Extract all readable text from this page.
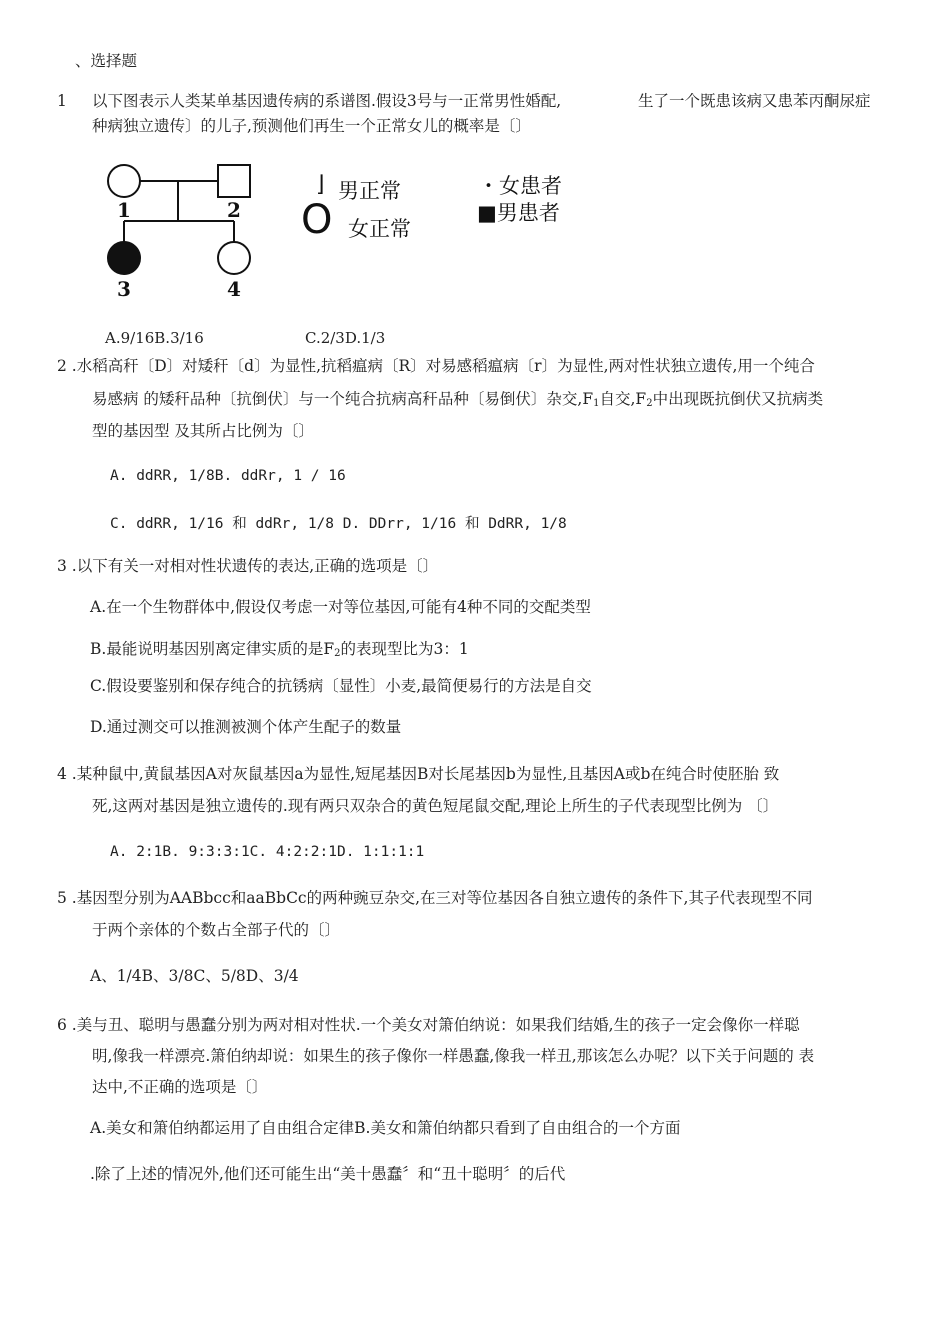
、选择题
1 以下图表示人类某单基因遗传病的系谱图.假设3号与一正常男性婚配,	生了一个既患该病又患苯丙酮尿症
种病独立遗传〕的儿子,预测他们再生一个正常女儿的概率是〔〕
1	2
3	4
⌋ 男正常
O 女正常
・女患者
■男患者
A.9/16B.3/16	C.2/3D.1/3
2 .水稻高秆〔D〕对矮秆〔d〕为显性,抗稻瘟病〔R〕对易感稻瘟病〔r〕为显性,两对性状独立遗传,用一个纯合
易感病 的矮秆品种〔抗倒伏〕与一个纯合抗病高秆品种〔易倒伏〕杂交$,F_1$自交$,F_2$中出现既抗倒伏又抗病类
型的基因型 及其所占比例为〔〕
A. ddRR, 1/8B. ddRr, 1 / 16
C. ddRR, 1/16 和 ddRr, 1/8 D. DDrr, 1/16 和 DdRR, 1/8
3 .以下有关一对相对性状遗传的表达,正确的选项是〔〕
A.在一个生物群体中,假设仅考虑一对等位基因,可能有4种不同的交配类型
B.最能说明基因别离定律实质的是$F_2$的表现型比为3：1
C.假设要鉴别和保存纯合的抗锈病〔显性〕小麦,最简便易行的方法是自交
D.通过测交可以推测被测个体产生配子的数量
4 .某种鼠中,黄鼠基因A对灰鼠基因a为显性,短尾基因B对长尾基因b为显性,且基因A或b在纯合时使胚胎 致
死,这两对基因是独立遗传的.现有两只双杂合的黄色短尾鼠交配,理论上所生的子代表现型比例为 〔〕
A. 2:1B. 9:3:3:1C. 4:2:2:1D. 1:1:1:1
5 .基因型分别为AABbcc和aaBbCc的两种豌豆杂交,在三对等位基因各自独立遗传的条件下,其子代表现型不同
于两个亲体的个数占全部子代的〔〕
A、1/4B、3/8C、5/8D、3/4
6 .美与丑、聪明与愚蠢分别为两对相对性状.一个美女对箫伯纳说：如果我们结婚,生的孩子一定会像你一样聪
明,像我一样漂亮.箫伯纳却说：如果生的孩子像你一样愚蠢,像我一样丑,那该怎么办呢？以下关于问题的 表
达中,不正确的选项是〔〕
A.美女和箫伯纳都运用了自由组合定律B.美女和箫伯纳都只看到了自由组合的一个方面
.除了上述的情况外,他们还可能生出“美十愚蠢〞和“丑十聪明〞的后代
